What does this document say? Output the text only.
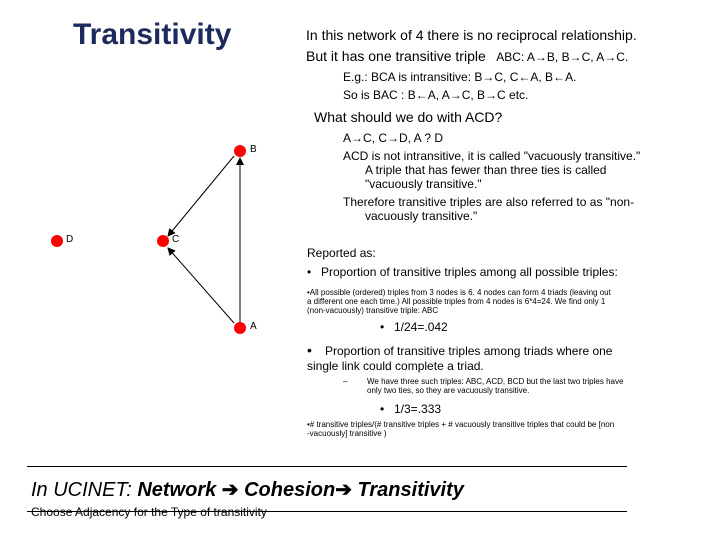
Transitivity	In this network of 4 there is no reciprocal relationship.
But it has one transitive triple ABC: A→B, B→C, A→C.
E.g.: BCA is intransitive: B→C, C←A, B←A.
So is BAC : B←A, A→C, B→C etc.
What should we do with ACD?
A→C, C→D, A ? D
ACD is not intransitive, it is called "vacuously transitive."
A triple that has fewer than three ties is called
"vacuously transitive."
Therefore transitive triples are also referred to as "non-
vacuously transitive."
Reported as:
• Proportion of transitive triples among all possible triples:
•All possible (ordered) triples from 3 nodes is 6. 4 nodes can form 4 triads (leaving out
a different one each time.) All possible triples from 4 nodes is 6*4=24. We find only 1
(non-vacuously) transitive triple: ABC
• 1/24=.042
• Proportion of transitive triples among triads where one
single link could complete a triad.
– We have three such triples: ABC, ACD, BCD but the last two triples have
only two ties, so they are vacuously transitive.
• 1/3=.333
•# transitive triples/(# transitive triples + # vacuously transitive triples that could be [non
-vacuously] transitive )
In UCINET: Network ➔ Cohesion➔ Transitivity
Choose Adjacency for the Type of transitivity
B
C
D
A
